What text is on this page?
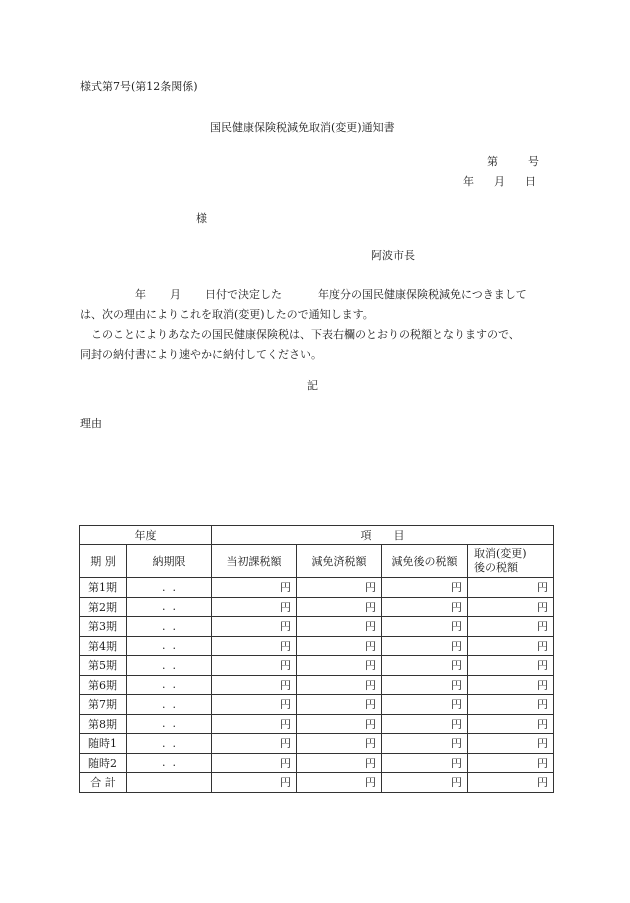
様式第7号(第12条関係)
国民健康保険税減免取消(変更)通知書
第	号
年 月 日
様
阿波市長

年 月 日付で決定した	年度分の国民健康保険税減免につきまして
は、次の理由によりこれを取消(変更)したので通知します。

このことによりあなたの国民健康保険税は、下表右欄のとおりの税額となりますので、
同封の納付書により速やかに納付してください。

記
理由
年度		項　　目			
期 別	納期限	当初課税額	減免済税額	減免後の税額	取消(変更)
後の税額
第1期	.  .	円	円	円	円
第2期	.  .	円	円	円	円
第3期	.  .	円	円	円	円
第4期	.  .	円	円	円	円
第5期	.  .	円	円	円	円
第6期	.  .	円	円	円	円
第7期	.  .	円	円	円	円
第8期	.  .	円	円	円	円
随時1	.  .	円	円	円	円
随時2	.  .	円	円	円	円
合 計		円	円	円	円
